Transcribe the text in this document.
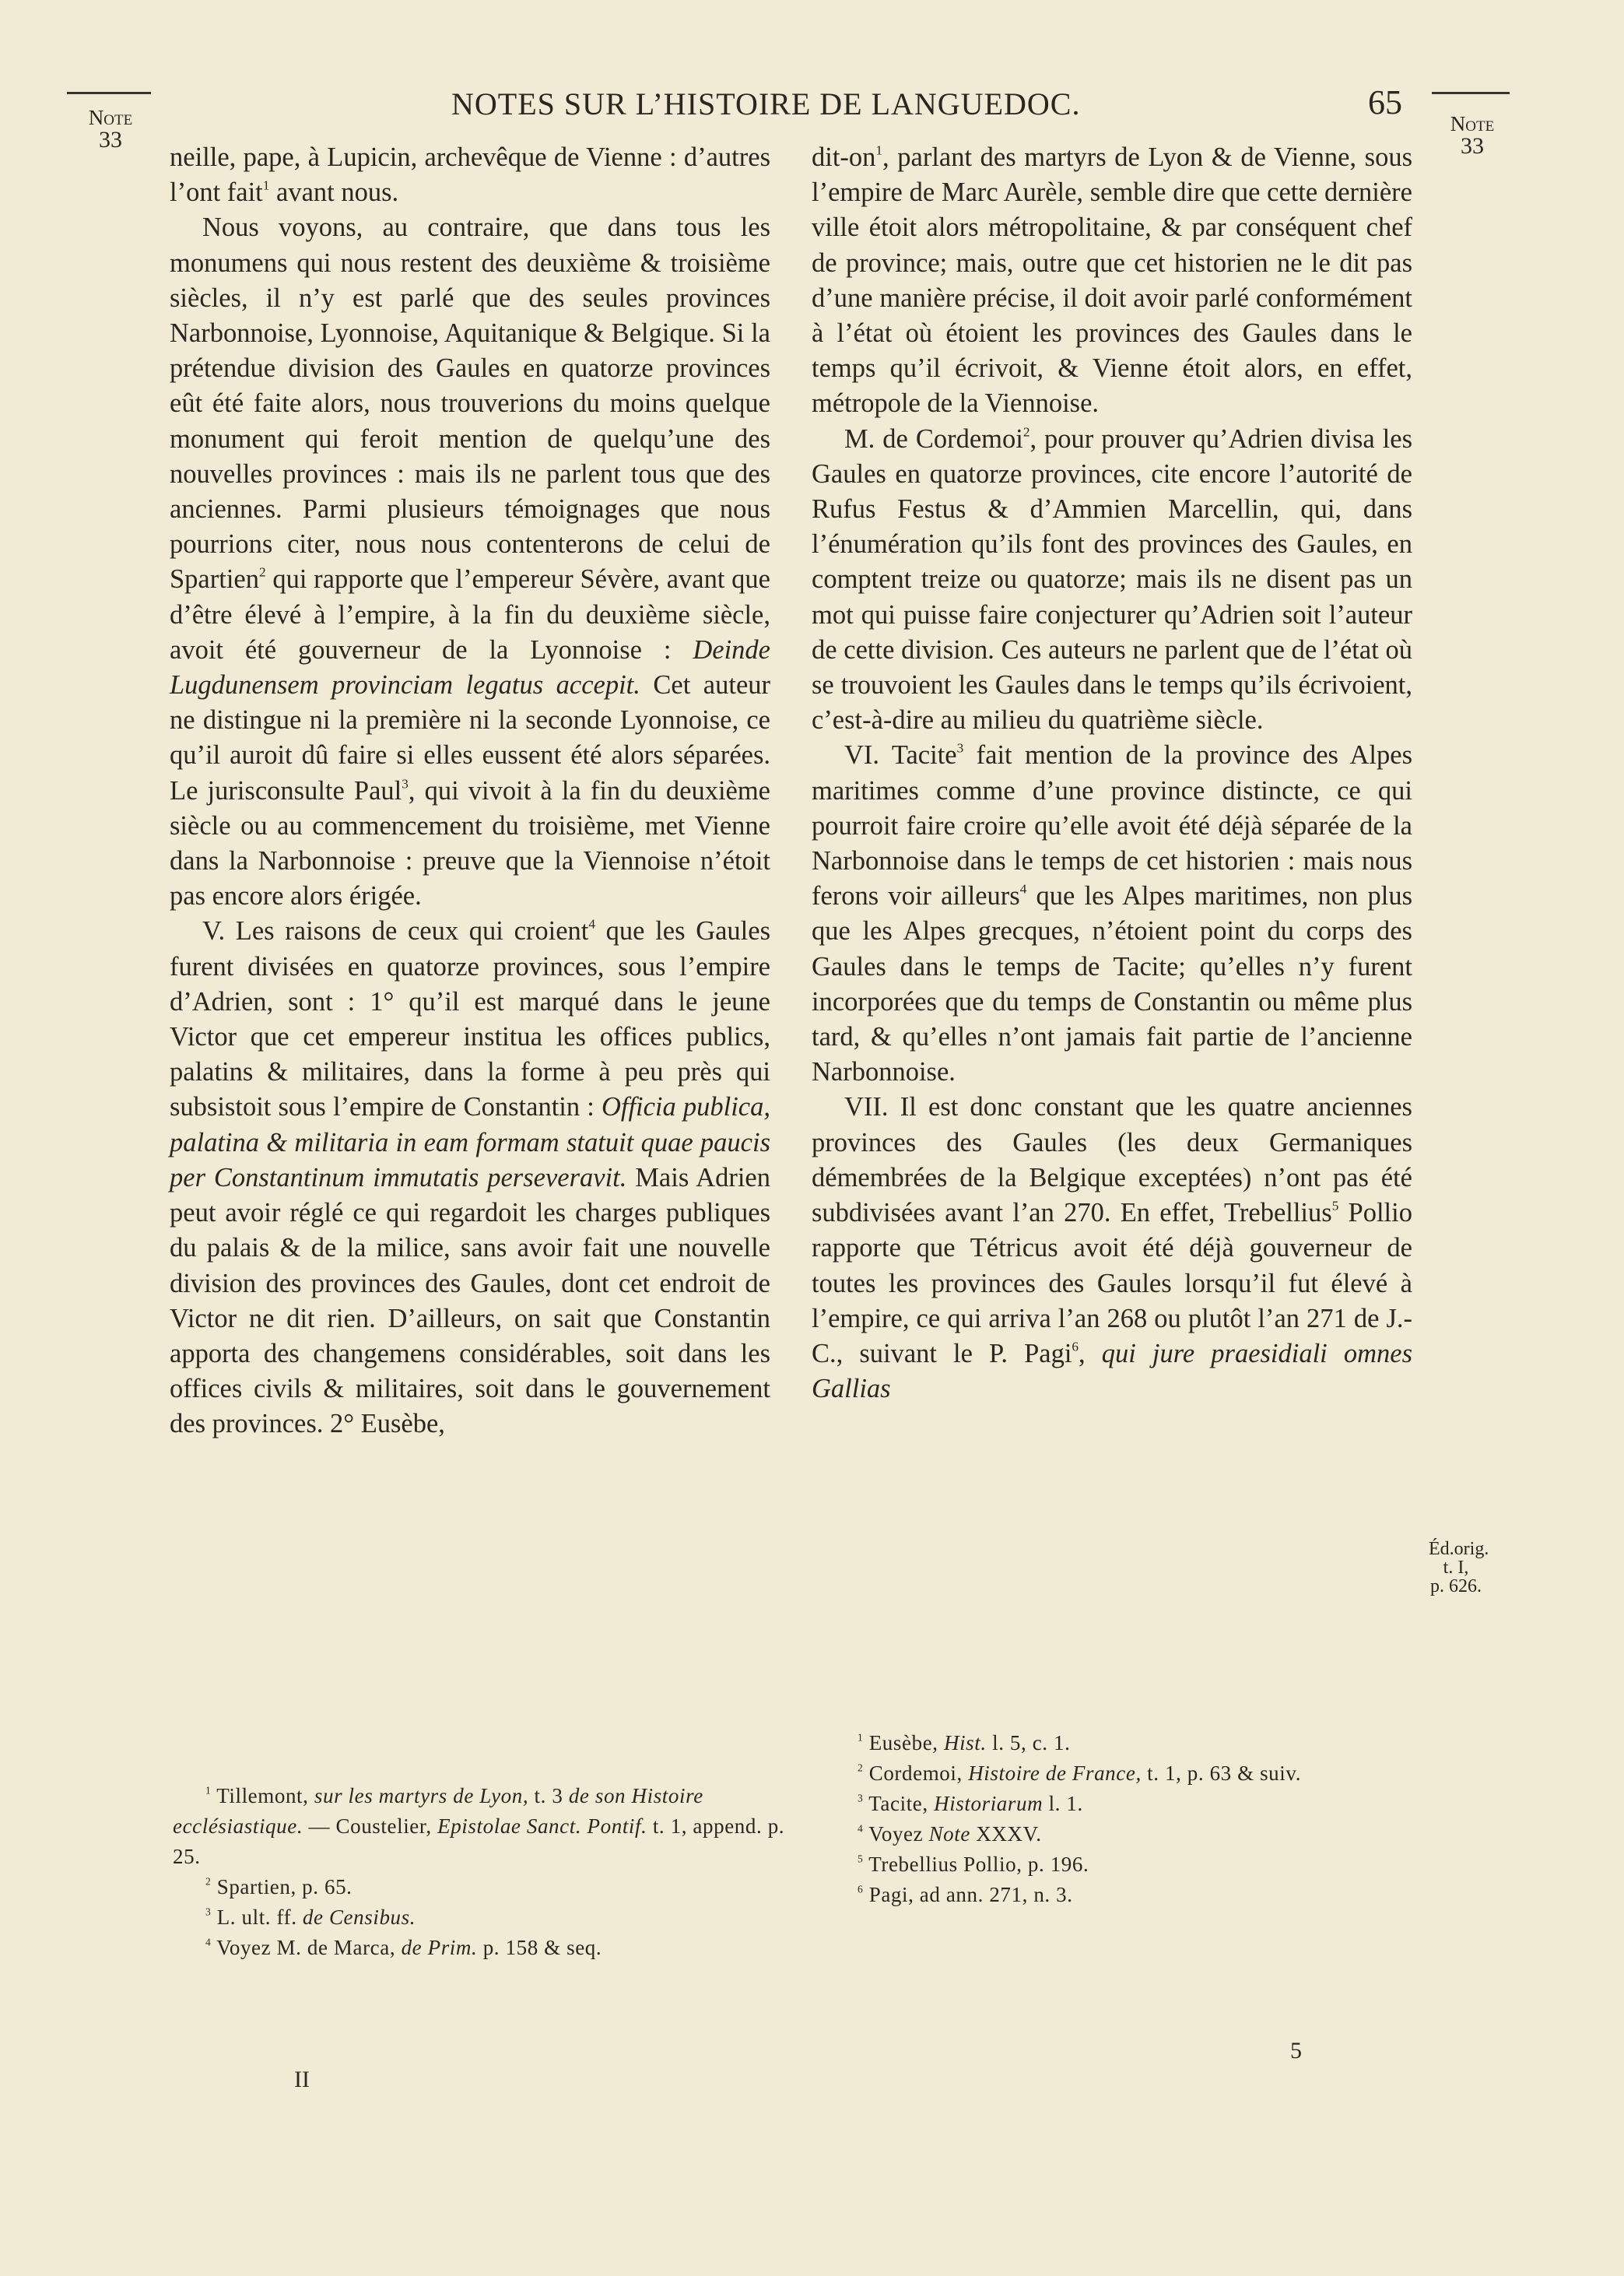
Note
33
Note
33
NOTES SUR L’HISTOIRE DE LANGUEDOC.	65

neille, pape, à Lupicin, archevêque de Vienne : d’autres l’ont fait$^1$ avant nous.

Nous voyons, au contraire, que dans tous les monumens qui nous restent des deuxième & troisième siècles, il n’y est parlé que des seules provinces Narbonnoise, Lyonnoise, Aquitanique & Belgique. Si la prétendue division des Gaules en quatorze provinces eût été faite alors, nous trouverions du moins quelque monument qui feroit mention de quelqu’une des nouvelles provinces : mais ils ne parlent tous que des anciennes. Parmi plusieurs témoignages que nous pourrions citer, nous nous contenterons de celui de Spartien$^2$ qui rapporte que l’empereur Sévère, avant que d’être élevé à l’empire, à la fin du deuxième siècle, avoit été gouverneur de la Lyonnoise : Deinde Lugdunensem provinciam legatus accepit. Cet auteur ne distingue ni la première ni la seconde Lyonnoise, ce qu’il auroit dû faire si elles eussent été alors séparées. Le jurisconsulte Paul$^3$, qui vivoit à la fin du deuxième siècle ou au commencement du troisième, met Vienne dans la Narbonnoise : preuve que la Viennoise n’étoit pas encore alors érigée.

V. Les raisons de ceux qui croient$^4$ que les Gaules furent divisées en quatorze provinces, sous l’empire d’Adrien, sont : 1° qu’il est marqué dans le jeune Victor que cet empereur institua les offices publics, palatins & militaires, dans la forme à peu près qui subsistoit sous l’empire de Constantin : Officia publica, palatina & militaria in eam formam statuit quae paucis per Constantinum immutatis perseveravit. Mais Adrien peut avoir réglé ce qui regardoit les charges publiques du palais & de la milice, sans avoir fait une nouvelle division des provinces des Gaules, dont cet endroit de Victor ne dit rien. D’ailleurs, on sait que Constantin apporta des changemens considérables, soit dans les offices civils & militaires, soit dans le gouvernement des provinces. 2° Eusèbe,

dit-$on^1$, parlant des martyrs de Lyon & de Vienne, sous l’empire de Marc Aurèle, semble dire que cette dernière ville étoit alors métropolitaine, & par conséquent chef de province; mais, outre que cet historien ne le dit pas d’une manière précise, il doit avoir parlé conformément à l’état où étoient les provinces des Gaules dans le temps qu’il écrivoit, & Vienne étoit alors, en effet, métropole de la Viennoise.

M. de Cordemoi$^2$, pour prouver qu’Adrien divisa les Gaules en quatorze provinces, cite encore l’autorité de Rufus Festus & d’Ammien Marcellin, qui, dans l’énumération qu’ils font des provinces des Gaules, en comptent treize ou quatorze; mais ils ne disent pas un mot qui puisse faire conjecturer qu’Adrien soit l’auteur de cette division. Ces auteurs ne parlent que de l’état où se trouvoient les Gaules dans le temps qu’ils écrivoient, c’est-à-dire au milieu du quatrième siècle.

VI. Tacite$^3$ fait mention de la province des Alpes maritimes comme d’une province distincte, ce qui pourroit faire croire qu’elle avoit été déjà séparée de la Narbonnoise dans le temps de cet historien : mais nous ferons voir ailleurs$^4$ que les Alpes maritimes, non plus que les Alpes grecques, n’étoient point du corps des Gaules dans le temps de Tacite; qu’elles n’y furent incorporées que du temps de Constantin ou même plus tard, & qu’elles n’ont jamais fait partie de l’ancienne Narbonnoise.

VII. Il est donc constant que les quatre anciennes provinces des Gaules (les deux Germaniques démembrées de la Belgique exceptées) n’ont pas été subdivisées avant l’an 270. En effet, Trebellius$^5$ Pollio rapporte que Tétricus avoit été déjà gouverneur de toutes les provinces des Gaules lorsqu’il fut élevé à l’empire, ce qui arriva l’an 268 ou plutôt l’an 271 de J.-C., suivant le P. Pagi$^6$, qui jure praesidiali omnes Gallias

Éd.orig.
t. I,
p. 626.
$^1$ Tillemont, sur les martyrs de Lyon, t. 3 de son Histoire ecclésiastique. — Coustelier, Epistolae Sanct. Pontif. t. 1, append. p. 25.
$^2$ Spartien, p. 65.
$^3$ L. ult. ff. de Censibus.
$^4$ Voyez M. de Marca, de Prim. p. 158 & seq.
$^1$ Eusèbe, Hist. l. 5, c. 1.
$^2$ Cordemoi, Histoire de France, t. 1, p. 63 & suiv.
$^3$ Tacite, Historiarum l. 1.
$^4$ Voyez Note XXXV.
$^5$ Trebellius Pollio, p. 196.
$^6$ Pagi, ad ann. 271, n. 3.
II
5
